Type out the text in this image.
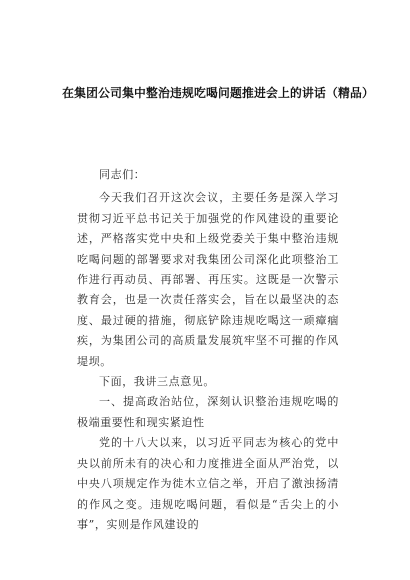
在集团公司集中整治违规吃喝问题推进会上的讲话（精品）

同志们：

今天我们召开这次会议，主要任务是深入学习贯彻习近平总书记关于加强党的作风建设的重要论述，严格落实党中央和上级党委关于集中整治违规吃喝问题的部署要求对我集团公司深化此项整治工作进行再动员、再部署、再压实。这既是一次警示教育会，也是一次责任落实会，旨在以最坚决的态度、最过硬的措施，彻底铲除违规吃喝这一顽瘴痼疾，为集团公司的高质量发展筑牢坚不可摧的作风堤坝。

下面，我讲三点意见。

一、提高政治站位，深刻认识整治违规吃喝的极端重要性和现实紧迫性

党的十八大以来，以习近平同志为核心的党中央以前所未有的决心和力度推进全面从严治党，以中央八项规定作为徙木立信之举，开启了激浊扬清的作风之变。违规吃喝问题，看似是“舌尖上的小事”，实则是作风建设的
